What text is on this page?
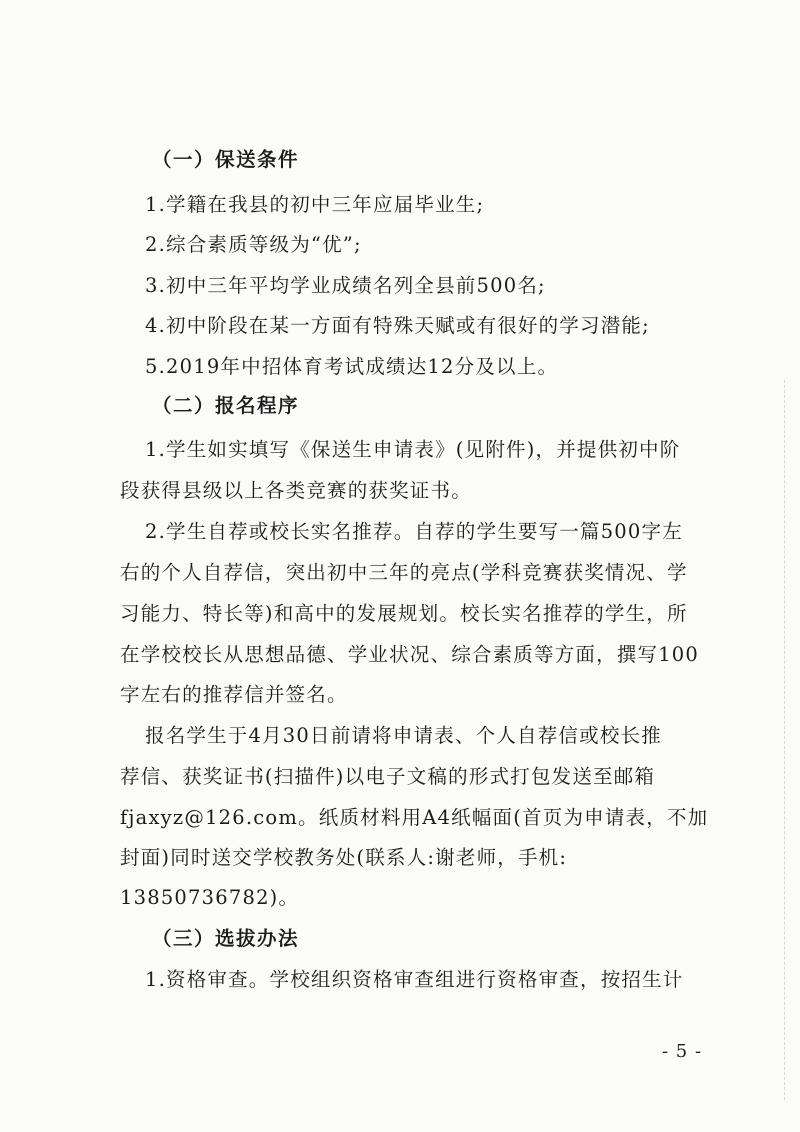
（一）保送条件
1.学籍在我县的初中三年应届毕业生;
2.综合素质等级为“优”;
3.初中三年平均学业成绩名列全县前500名;
4.初中阶段在某一方面有特殊天赋或有很好的学习潜能;
5.2019年中招体育考试成绩达12分及以上。
（二）报名程序
1.学生如实填写《保送生申请表》(见附件)，并提供初中阶
段获得县级以上各类竞赛的获奖证书。
2.学生自荐或校长实名推荐。自荐的学生要写一篇500字左
右的个人自荐信，突出初中三年的亮点(学科竞赛获奖情况、学
习能力、特长等)和高中的发展规划。校长实名推荐的学生，所
在学校校长从思想品德、学业状况、综合素质等方面，撰写100
字左右的推荐信并签名。
报名学生于4月30日前请将申请表、个人自荐信或校长推
荐信、获奖证书(扫描件)以电子文稿的形式打包发送至邮箱
fjaxyz@126.com。纸质材料用A4纸幅面(首页为申请表，不加
封面)同时送交学校教务处(联系人:谢老师，手机:
13850736782)。
（三）选拔办法
1.资格审查。学校组织资格审查组进行资格审查，按招生计
- 5 -
